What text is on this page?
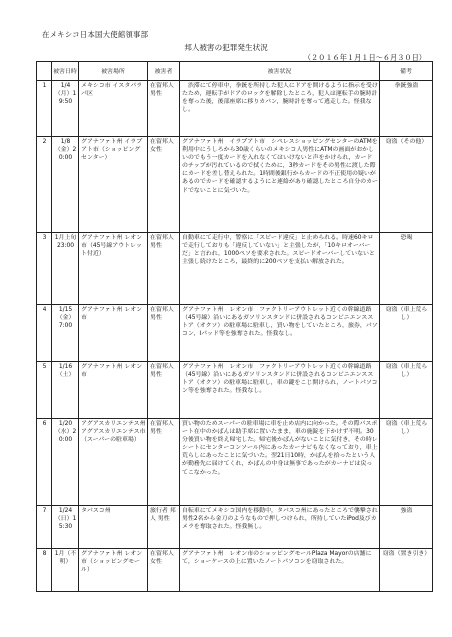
在メキシコ日本国大使館領事部
邦人被害の犯罪発生状況
（２０１６年１月１日～６月３０日）
	被害日時	被害場所	被害者	被害状況	備考
1	1/4（月）19:50	メキシコ市 イスタパラパ区	在留邦人 男性	　渋滞にて停車中，拳銃を所持した犯人にドアを開けるように指示を受けたため，運転手がドアのロックを解除したところ，犯人は運転手の腕時計を奪った後，後部座席に移りカバン，腕時計を奪って逃走した。怪我なし。	拳銃強盗
2	1/8（金）20:00	グアナファト州 イラプアト市（ショッピングセンター）	在留邦人 女性	グアナファト州　イラプアト市　シペレスショッピングセンターのATMを利用中にうしろから30歳くらいのメキシコ人男性にATMの画面がおかしいのでもう一度カードを入れなくてはいけないと声をかけられ，カードのチップが汚れているので拭くために，3秒カードをその男性に渡した際にカードを差し替えられた。1時間後銀行からカードの不正使用の疑いがあるのでカードを確認するようにと連絡があり確認したところ自分のカードでないことに気づいた。	窃盗（その他）
3	1月上旬 23:00	グアナファト州 レオン市（45号線アウトレット付近）	在留邦人 男性	自動車にて走行中，警察に「スピード違反」と止められる。時速60キロで走行しておりも「違反していない」と主張したが，「10キロオーバーだ」と言われ，1000ペソを要求された。スピードオーバーしていないと主張し続けたところ，最終的に200ペソを支払い解放された。	恐喝
4	1/15（金）7:00	グアナファト州 レオン市	在留邦人 男性	グアナファト州　レオン市　ファクトリーアウトレット近くの幹線道路（45号線）沿いにあるガソリンスタンドに併設されるコンビニエンスストア（オクソ）の駐車場に駐車し，買い物をしていたところ，旅券，パソコン，Iパッド等を強奪された。怪我なし。	窃盗（車上荒らし）
5	1/16（土）	グアナファト州 レオン市	在留邦人 男性	グアナファト州　レオン市　ファクトリーアウトレット近くの幹線道路（45号線）沿いにあるガソリンスタンドに併設されるコンビニエンスストア（オクソ）の駐車場に駐車し，車の鍵をこじ開けられ，ノートパソコン等を強奪された。怪我なし。	窃盗（車上荒らし）
6	1/20（水）20:00	アグアスカリエンテス州 アグアスカリエンテス市（スーパーの駐車場）	在留邦人 男性	買い物のためスーパーの駐車場に車を止め店内に向かった。その際パスポート在中のかばんは助手席に置いたまま，車の施錠を下かけず不明。30分後買い物を終え帰宅した。帰宅後かばんがないことに気付き，その時レシートにセンターコンソール内にあったカーナビもなくなっており，車上荒らしにあったことに気づいた。翌21日10時，かばんを拾ったという人が勤務先に届けてくれ，かばんの中身は無事であったがカーナビは戻ってこなかった。	窃盗（車上荒らし）
7	1/24（日）15:30	タバスコ州	旅行者 邦人 男性	自転車にてメキシコ国内を移動中，タバスコ州にあったところで襲撃され男性2名から金刀のようなもので押しつけられ，所持していたiPod及びカメラを奪取された。怪我無し。	強盗
8	1月（不明）	グアナファト州 レオン市（ショッピングモール）	在留邦人 女性	グアナファト州　レオン市のショッピングモールPlaza Mayorの店舗にて，ショーケースの上に置いたノートパソコンを窃取された。	窃盗（置き引き）
